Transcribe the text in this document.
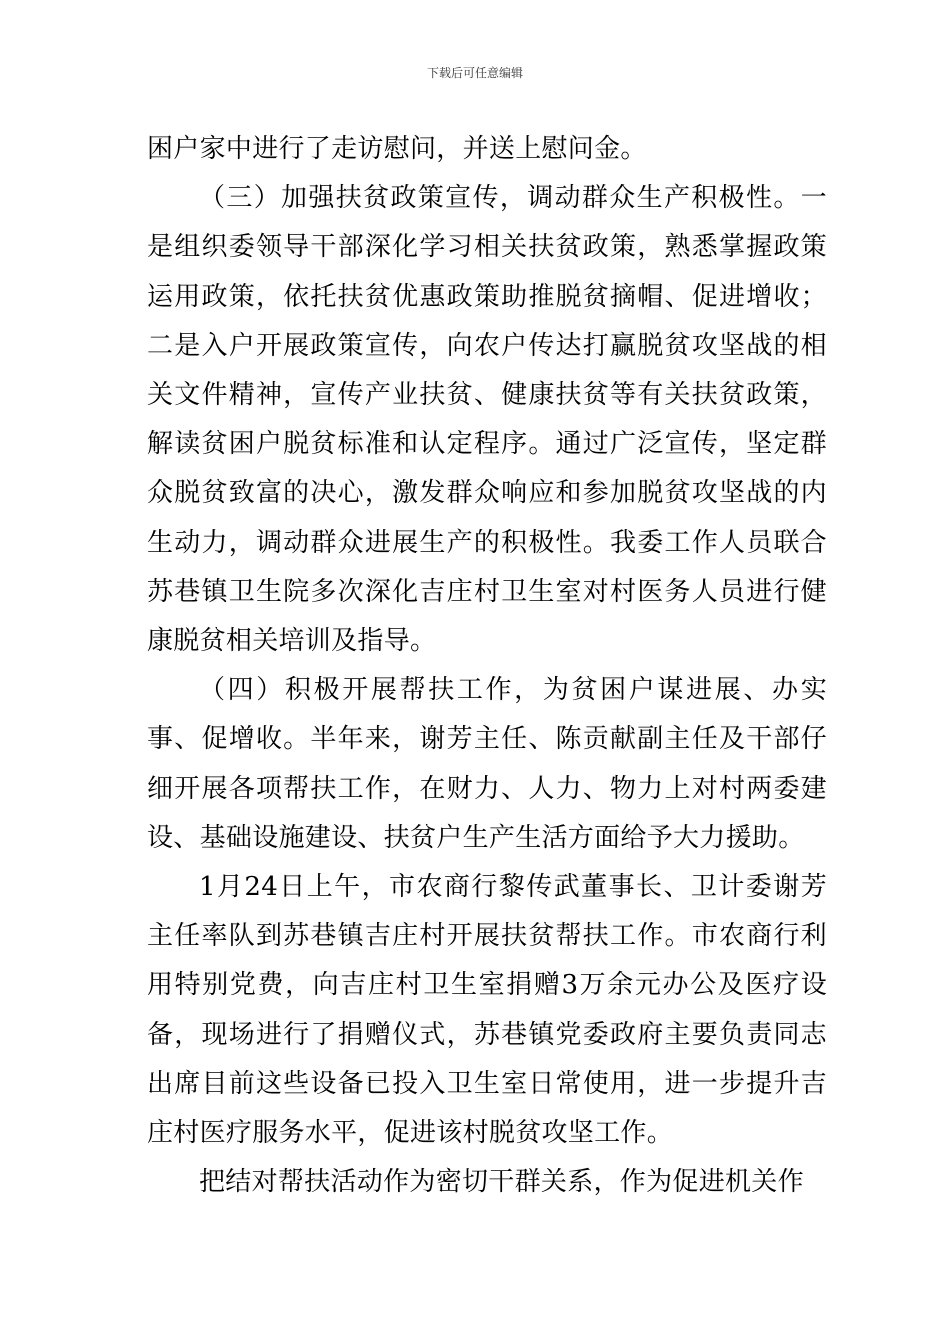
下载后可任意编辑

困户家中进行了走访慰问，并送上慰问金。

（三）加强扶贫政策宣传，调动群众生产积极性。一是组织委领导干部深化学习相关扶贫政策，熟悉掌握政策运用政策，依托扶贫优惠政策助推脱贫摘帽、促进增收；二是入户开展政策宣传，向农户传达打赢脱贫攻坚战的相关文件精神，宣传产业扶贫、健康扶贫等有关扶贫政策，解读贫困户脱贫标准和认定程序。通过广泛宣传，坚定群众脱贫致富的决心，激发群众响应和参加脱贫攻坚战的内生动力，调动群众进展生产的积极性。我委工作人员联合苏巷镇卫生院多次深化吉庄村卫生室对村医务人员进行健康脱贫相关培训及指导。

（四）积极开展帮扶工作，为贫困户谋进展、办实事、促增收。半年来，谢芳主任、陈贡献副主任及干部仔细开展各项帮扶工作，在财力、人力、物力上对村两委建设、基础设施建设、扶贫户生产生活方面给予大力援助。

1月24日上午，市农商行黎传武董事长、卫计委谢芳主任率队到苏巷镇吉庄村开展扶贫帮扶工作。市农商行利用特别党费，向吉庄村卫生室捐赠3万余元办公及医疗设备，现场进行了捐赠仪式，苏巷镇党委政府主要负责同志出席目前这些设备已投入卫生室日常使用，进一步提升吉庄村医疗服务水平，促进该村脱贫攻坚工作。

把结对帮扶活动作为密切干群关系，作为促进机关作
